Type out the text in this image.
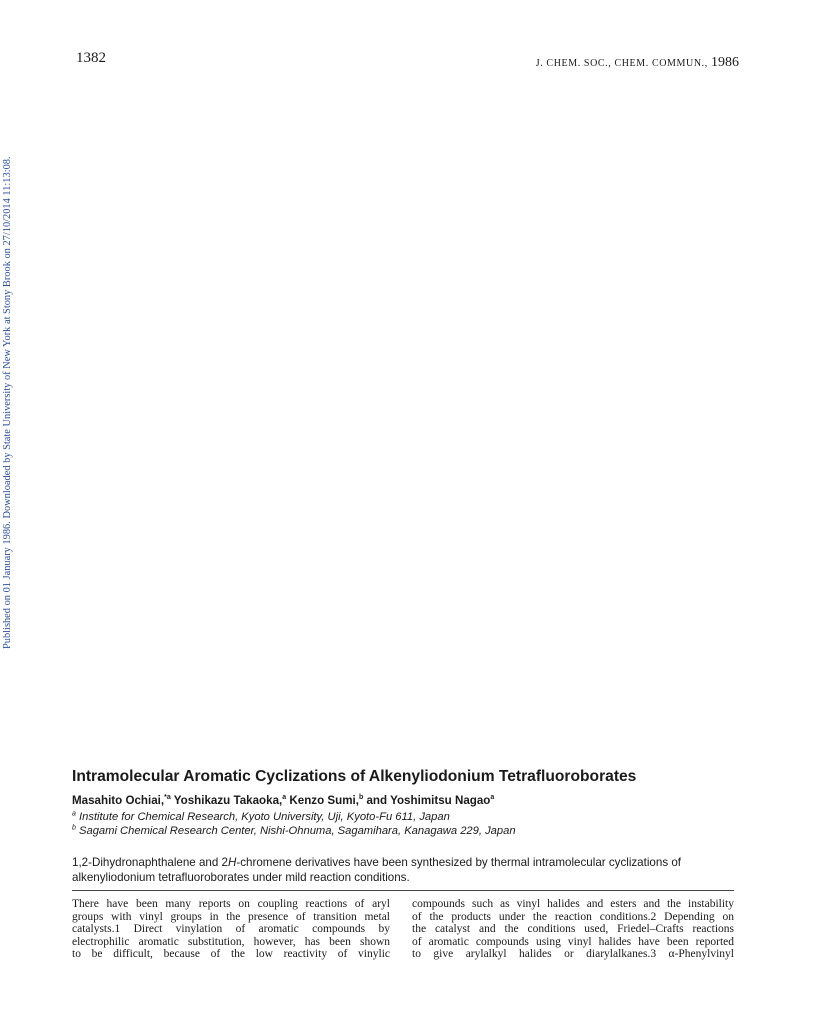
1382	J. CHEM. SOC., CHEM. COMMUN., 1986
Published on 01 January 1986. Downloaded by State University of New York at Stony Brook on 27/10/2014 11:13:08.
Intramolecular Aromatic Cyclizations of Alkenyliodonium Tetrafluoroborates
Masahito Ochiai,$^{*a}$ Yoshikazu Takaoka,$^a$ Kenzo Sumi,$^b$ and Yoshimitsu Nagao$^a$
$^a$ Institute for Chemical Research, Kyoto University, Uji, Kyoto-Fu 611, Japan
$^b$ Sagami Chemical Research Center, Nishi-Ohnuma, Sagamihara, Kanagawa 229, Japan

1,2-Dihydronaphthalene and 2H-chromene derivatives have been synthesized by thermal intramolecular cyclizations of alkenyliodonium tetrafluoroborates under mild reaction conditions.

There have been many reports on coupling reactions of aryl
groups with vinyl groups in the presence of transition metal
catalysts.1 Direct vinylation of aromatic compounds by
electrophilic aromatic substitution, however, has been shown
to be difficult, because of the low reactivity of vinylic
compounds such as vinyl halides and esters and the instability
of the products under the reaction conditions.2 Depending on
the catalyst and the conditions used, Friedel–Crafts reactions
of aromatic compounds using vinyl halides have been reported
to give arylalkyl halides or diarylalkanes.3 α-Phenylvinyl
